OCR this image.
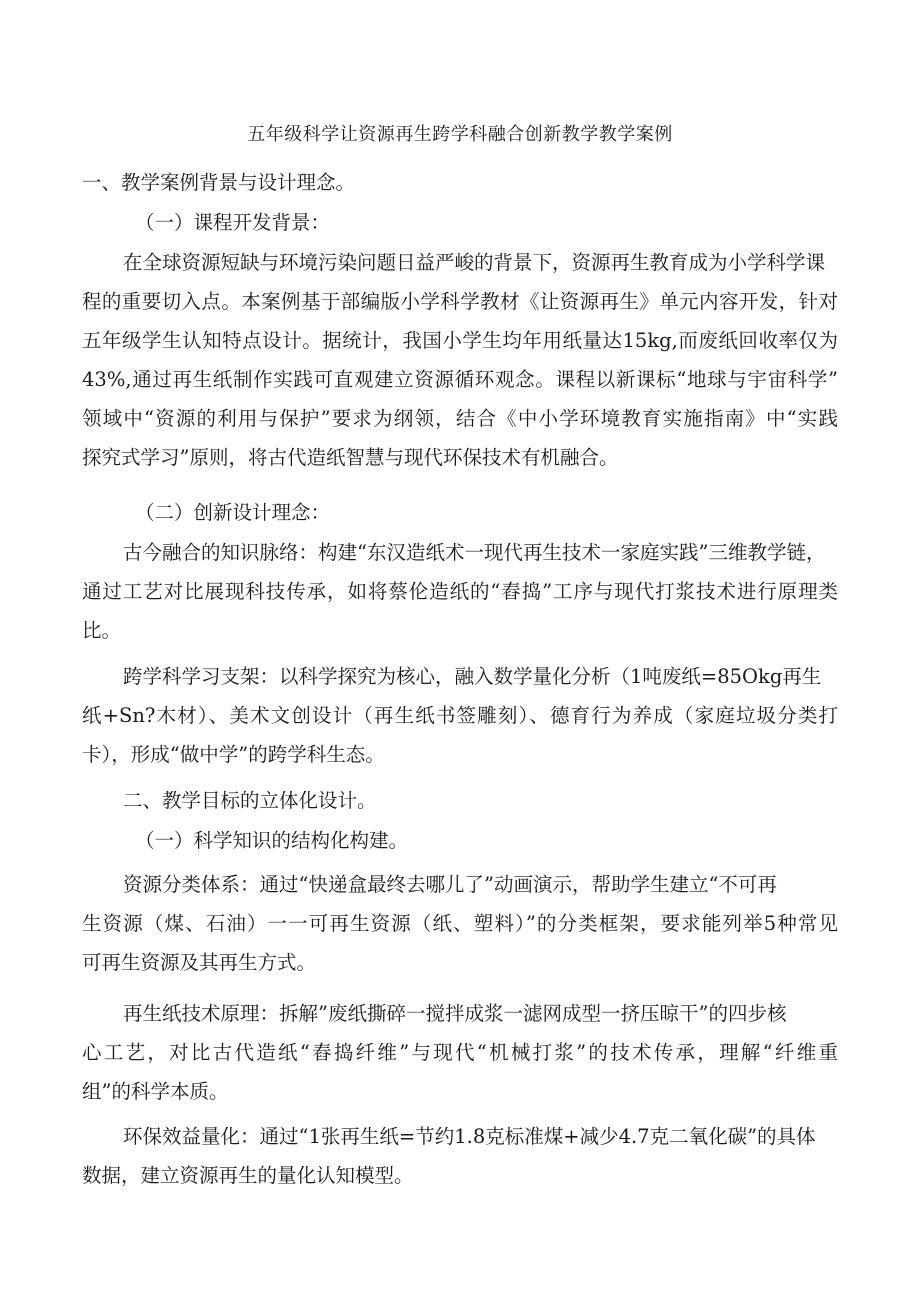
五年级科学让资源再生跨学科融合创新教学教学案例

一、教学案例背景与设计理念。

（一）课程开发背景：

在全球资源短缺与环境污染问题日益严峻的背景下，资源再生教育成为小学科学课

程的重要切入点。本案例基于部编版小学科学教材《让资源再生》单元内容开发，针对

五年级学生认知特点设计。据统计，我国小学生均年用纸量达15kg,而废纸回收率仅为

43%,通过再生纸制作实践可直观建立资源循环观念。课程以新课标“地球与宇宙科学”

领域中“资源的利用与保护”要求为纲领，结合《中小学环境教育实施指南》中“实践

探究式学习”原则，将古代造纸智慧与现代环保技术有机融合。

（二）创新设计理念：

古今融合的知识脉络：构建“东汉造纸术一现代再生技术一家庭实践”三维教学链，

通过工艺对比展现科技传承，如将蔡伦造纸的“舂捣”工序与现代打浆技术进行原理类

比。

跨学科学习支架：以科学探究为核心，融入数学量化分析（1吨废纸=85Okg再生

纸+Sn?木材）、美术文创设计（再生纸书签雕刻）、德育行为养成（家庭垃圾分类打

卡），形成“做中学”的跨学科生态。

二、教学目标的立体化设计。

（一）科学知识的结构化构建。

资源分类体系：通过“快递盒最终去哪儿了”动画演示，帮助学生建立“不可再

生资源（煤、石油）一一可再生资源（纸、塑料）”的分类框架，要求能列举5种常见

可再生资源及其再生方式。

再生纸技术原理：拆解”废纸撕碎一搅拌成浆一滤网成型一挤压晾干”的四步核

心工艺，对比古代造纸“舂捣纤维”与现代“机械打浆”的技术传承，理解“纤维重

组”的科学本质。

环保效益量化：通过“1张再生纸=节约1.8克标准煤+减少4.7克二氧化碳”的具体

数据，建立资源再生的量化认知模型。
